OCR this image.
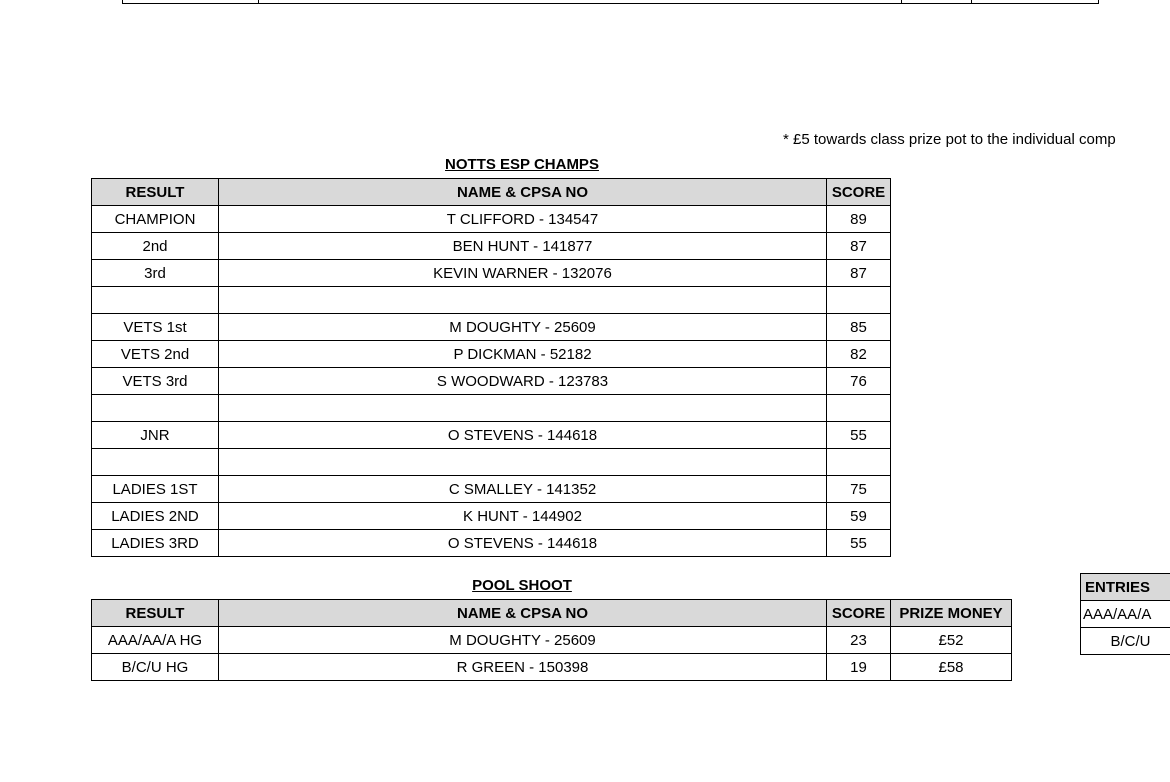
* £5 towards class prize pot to the individual comp
NOTTS ESP CHAMPS
RESULT	NAME & CPSA NO	SCORE
CHAMPION	T CLIFFORD - 134547	89
2nd	BEN HUNT - 141877	87
3rd	KEVIN WARNER - 132076	87

VETS 1st	M DOUGHTY - 25609	85
VETS 2nd	P DICKMAN - 52182	82
VETS 3rd	S WOODWARD - 123783	76

JNR	O STEVENS - 144618	55

LADIES 1ST	C SMALLEY - 141352	75
LADIES 2ND	K HUNT - 144902	59
LADIES 3RD	O STEVENS - 144618	55
POOL SHOOT
RESULT	NAME & CPSA NO	SCORE	PRIZE MONEY
AAA/AA/A HG	M DOUGHTY - 25609	23	£52
B/C/U HG	R GREEN - 150398	19	£58
ENTRIES
AAA/AA/A
B/C/U
